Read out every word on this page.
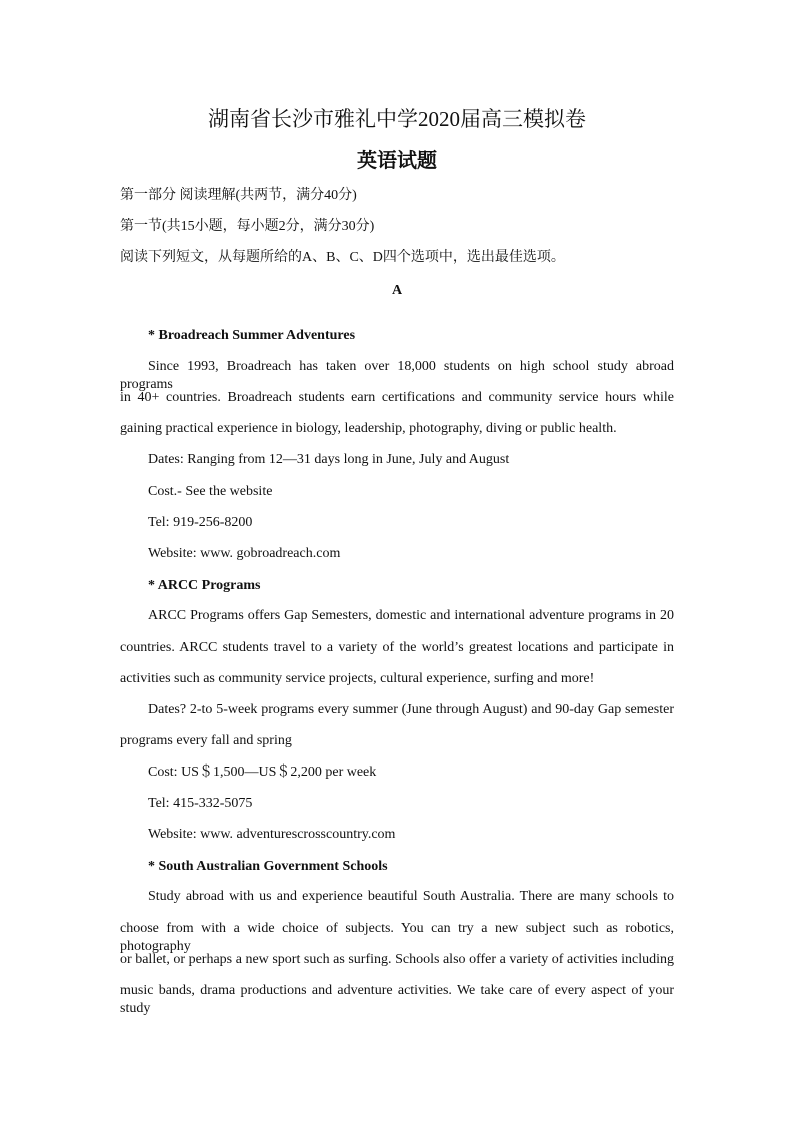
湖南省长沙市雅礼中学2020届高三模拟卷
英语试题
第一部分 阅读理解(共两节，满分40分)
第一节(共15小题，每小题2分，满分30分)
阅读下列短文，从每题所给的A、B、C、D四个选项中，选出最佳选项。
A
* Broadreach Summer Adventures
Since 1993, Broadreach has taken over 18,000 students on high school study abroad programs
in 40+ countries. Broadreach students earn certifications and community service hours while
gaining practical experience in biology, leadership, photography, diving or public health.
Dates: Ranging from 12—31 days long in June, July and August
Cost.- See the website
Tel: 919-256-8200
Website: www. gobroadreach.com
* ARCC Programs
ARCC Programs offers Gap Semesters, domestic and international adventure programs in 20
countries. ARCC students travel to a variety of the world’s greatest locations and participate in
activities such as community service projects, cultural experience, surfing and more!
Dates? 2-to 5-week programs every summer (June through August) and 90-day Gap semester
programs every fall and spring
Cost: US＄1,500—US＄2,200 per week
Tel: 415-332-5075
Website: www. adventurescrosscountry.com
* South Australian Government Schools
Study abroad with us and experience beautiful South Australia. There are many schools to
choose from with a wide choice of subjects. You can try a new subject such as robotics, photography
or ballet, or perhaps a new sport such as surfing. Schools also offer a variety of activities including
music bands, drama productions and adventure activities. We take care of every aspect of your study
